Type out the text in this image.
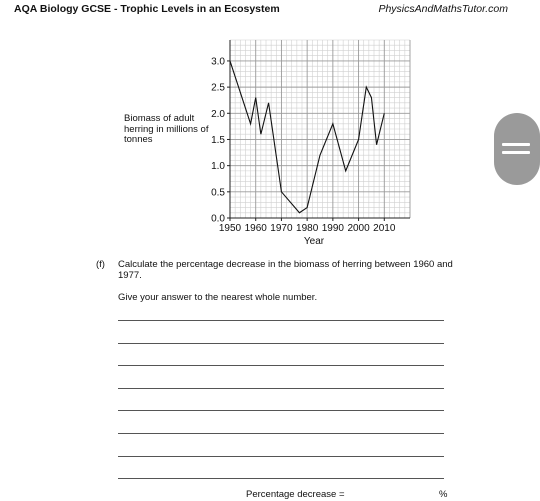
AQA Biology GCSE - Trophic Levels in an Ecosystem	PhysicsAndMathsTutor.com
Biomass of adult herring in millions of tonnes
1950 1960 1970 1980 1990 2000 2010
0.0
0.5
1.0
1.5
2.0
2.5
3.0
Year
(f) Calculate the percentage decrease in the biomass of herring between 1960 and 1977.
Give your answer to the nearest whole number.
Percentage decrease =	%
